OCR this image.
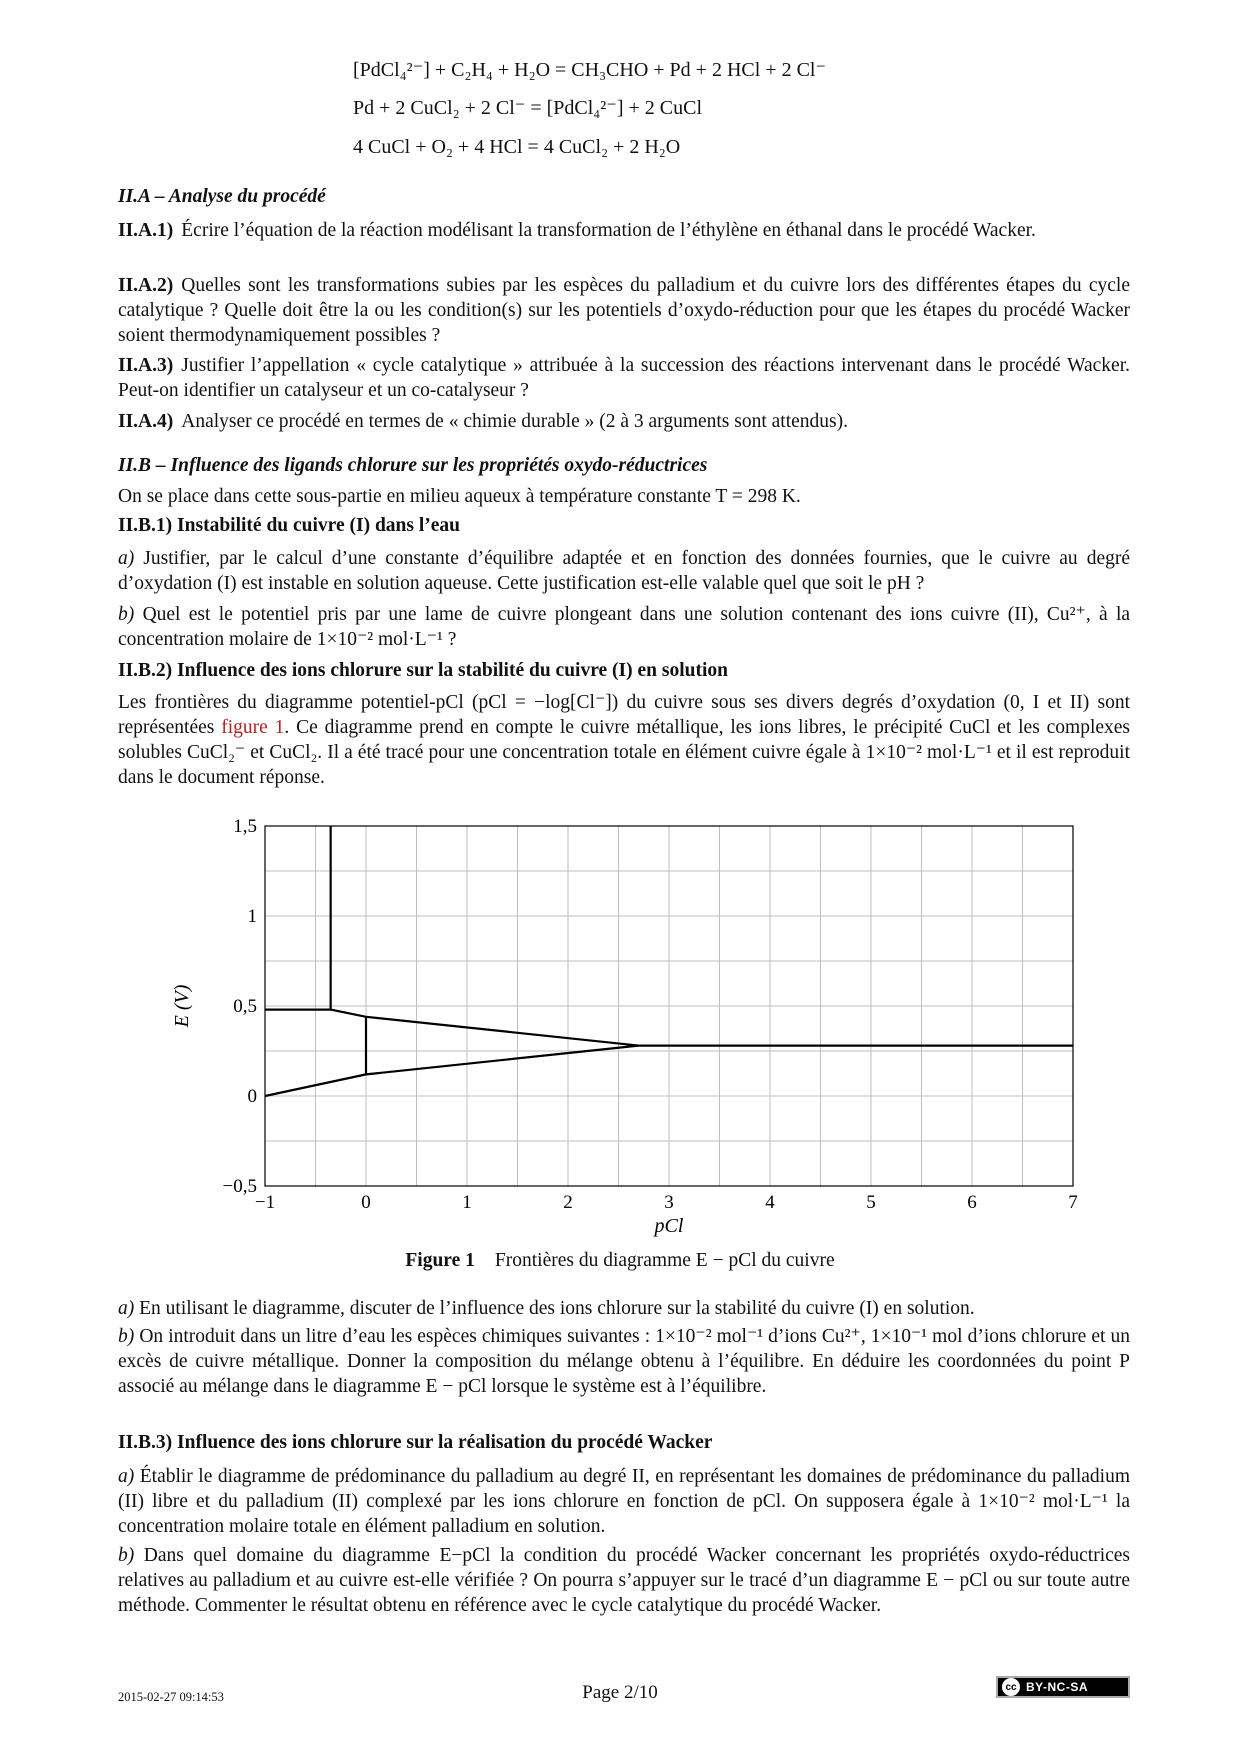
[PdCl₄²⁻] + C₂H₄ + H₂O = CH₃CHO + Pd + 2 HCl + 2 Cl⁻
Pd + 2 CuCl₂ + 2 Cl⁻ = [PdCl₄²⁻] + 2 CuCl
4 CuCl + O₂ + 4 HCl = 4 CuCl₂ + 2 H₂O
II.A – Analyse du procédé
II.A.1) Écrire l’équation de la réaction modélisant la transformation de l’éthylène en éthanal dans le procédé Wacker.
II.A.2) Quelles sont les transformations subies par les espèces du palladium et du cuivre lors des différentes étapes du cycle catalytique ? Quelle doit être la ou les condition(s) sur les potentiels d’oxydo-réduction pour que les étapes du procédé Wacker soient thermodynamiquement possibles ?
II.A.3) Justifier l’appellation « cycle catalytique » attribuée à la succession des réactions intervenant dans le procédé Wacker. Peut-on identifier un catalyseur et un co-catalyseur ?
II.A.4) Analyser ce procédé en termes de « chimie durable » (2 à 3 arguments sont attendus).
II.B – Influence des ligands chlorure sur les propriétés oxydo-réductrices
On se place dans cette sous-partie en milieu aqueux à température constante T = 298 K.
II.B.1) Instabilité du cuivre (I) dans l’eau
a) Justifier, par le calcul d’une constante d’équilibre adaptée et en fonction des données fournies, que le cuivre au degré d’oxydation (I) est instable en solution aqueuse. Cette justification est-elle valable quel que soit le pH ?
b) Quel est le potentiel pris par une lame de cuivre plongeant dans une solution contenant des ions cuivre (II), Cu²⁺, à la concentration molaire de 1×10⁻² mol·L⁻¹ ?
II.B.2) Influence des ions chlorure sur la stabilité du cuivre (I) en solution
Les frontières du diagramme potentiel-pCl (pCl = −log[Cl⁻]) du cuivre sous ses divers degrés d’oxydation (0, I et II) sont représentées figure 1. Ce diagramme prend en compte le cuivre métallique, les ions libres, le précipité CuCl et les complexes solubles CuCl₂⁻ et CuCl₂. Il a été tracé pour une concentration totale en élément cuivre égale à 1×10⁻² mol·L⁻¹ et il est reproduit dans le document réponse.
−1	0	1	2	3	4	5	6	7
−0,5
0
0,5
1
1,5
pCl
E (V)
Figure 1 Frontières du diagramme E − pCl du cuivre
a) En utilisant le diagramme, discuter de l’influence des ions chlorure sur la stabilité du cuivre (I) en solution.
b) On introduit dans un litre d’eau les espèces chimiques suivantes : 1×10⁻² mol⁻¹ d’ions Cu²⁺, 1×10⁻¹ mol d’ions chlorure et un excès de cuivre métallique. Donner la composition du mélange obtenu à l’équilibre. En déduire les coordonnées du point P associé au mélange dans le diagramme E − pCl lorsque le système est à l’équilibre.
II.B.3) Influence des ions chlorure sur la réalisation du procédé Wacker
a) Établir le diagramme de prédominance du palladium au degré II, en représentant les domaines de prédominance du palladium (II) libre et du palladium (II) complexé par les ions chlorure en fonction de pCl. On supposera égale à 1×10⁻² mol·L⁻¹ la concentration molaire totale en élément palladium en solution.
b) Dans quel domaine du diagramme E−pCl la condition du procédé Wacker concernant les propriétés oxydo-réductrices relatives au palladium et au cuivre est-elle vérifiée ? On pourra s’appuyer sur le tracé d’un diagramme E − pCl ou sur toute autre méthode. Commenter le résultat obtenu en référence avec le cycle catalytique du procédé Wacker.
2015-02-27 09:14:53	Page 2/10	cc BY-NC-SA
